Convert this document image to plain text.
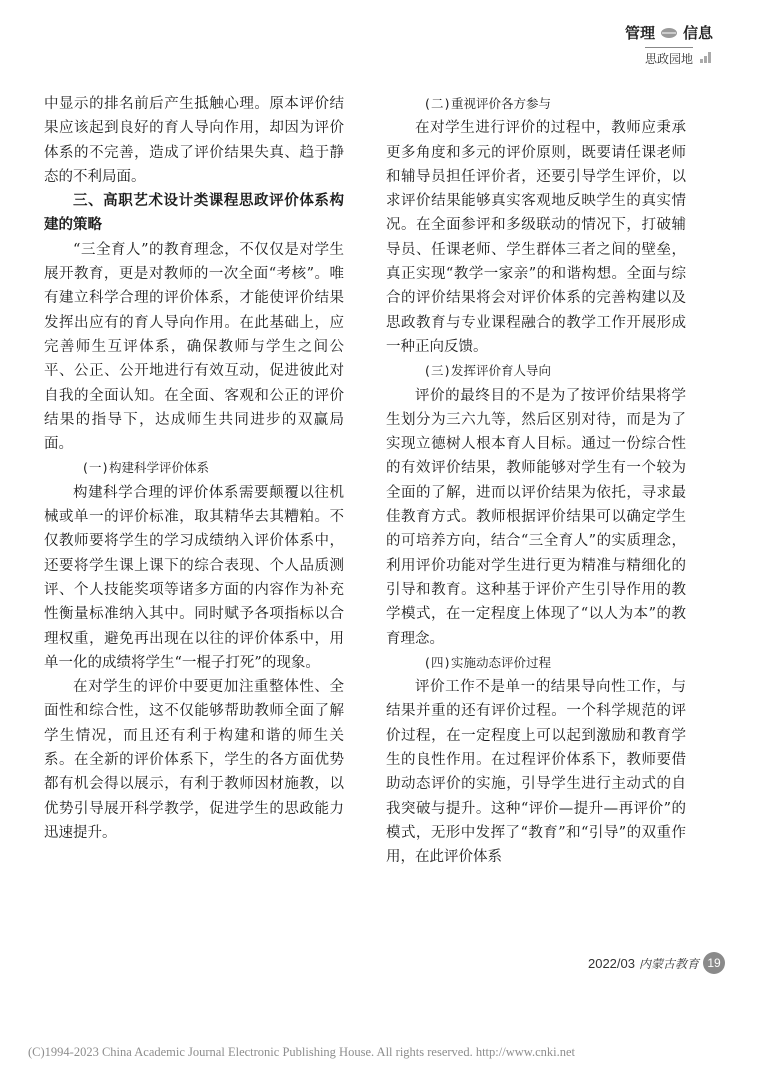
管理 信息
思政园地

中显示的排名前后产生抵触心理。原本评价结果应该起到良好的育人导向作用，却因为评价体系的不完善，造成了评价结果失真、趋于静态的不利局面。

三、高职艺术设计类课程思政评价体系构建的策略

“三全育人”的教育理念，不仅仅是对学生展开教育，更是对教师的一次全面“考核”。唯有建立科学合理的评价体系，才能使评价结果发挥出应有的育人导向作用。在此基础上，应完善师生互评体系，确保教师与学生之间公平、公正、公开地进行有效互动，促进彼此对自我的全面认知。在全面、客观和公正的评价结果的指导下，达成师生共同进步的双赢局面。

(一)构建科学评价体系

构建科学合理的评价体系需要颠覆以往机械或单一的评价标准，取其精华去其糟粕。不仅教师要将学生的学习成绩纳入评价体系中，还要将学生课上课下的综合表现、个人品质测评、个人技能奖项等诸多方面的内容作为补充性衡量标准纳入其中。同时赋予各项指标以合理权重，避免再出现在以往的评价体系中，用单一化的成绩将学生“一棍子打死”的现象。

在对学生的评价中要更加注重整体性、全面性和综合性，这不仅能够帮助教师全面了解学生情况，而且还有利于构建和谐的师生关系。在全新的评价体系下，学生的各方面优势都有机会得以展示，有利于教师因材施教，以优势引导展开科学教学，促进学生的思政能力迅速提升。

(二)重视评价各方参与

在对学生进行评价的过程中，教师应秉承更多角度和多元的评价原则，既要请任课老师和辅导员担任评价者，还要引导学生评价，以求评价结果能够真实客观地反映学生的真实情况。在全面参评和多级联动的情况下，打破辅导员、任课老师、学生群体三者之间的壁垒，真正实现“教学一家亲”的和谐构想。全面与综合的评价结果将会对评价体系的完善构建以及思政教育与专业课程融合的教学工作开展形成一种正向反馈。

(三)发挥评价育人导向

评价的最终目的不是为了按评价结果将学生划分为三六九等，然后区别对待，而是为了实现立德树人根本育人目标。通过一份综合性的有效评价结果，教师能够对学生有一个较为全面的了解，进而以评价结果为依托，寻求最佳教育方式。教师根据评价结果可以确定学生的可培养方向，结合“三全育人”的实质理念，利用评价功能对学生进行更为精准与精细化的引导和教育。这种基于评价产生引导作用的教学模式，在一定程度上体现了“以人为本”的教育理念。

(四)实施动态评价过程

评价工作不是单一的结果导向性工作，与结果并重的还有评价过程。一个科学规范的评价过程，在一定程度上可以起到激励和教育学生的良性作用。在过程评价体系下，教师要借助动态评价的实施，引导学生进行主动式的自我突破与提升。这种“评价—提升—再评价”的模式，无形中发挥了“教育”和“引导”的双重作用，在此评价体系

2022/03 内蒙古教育 19
(C)1994-2023 China Academic Journal Electronic Publishing House. All rights reserved. http://www.cnki.net
